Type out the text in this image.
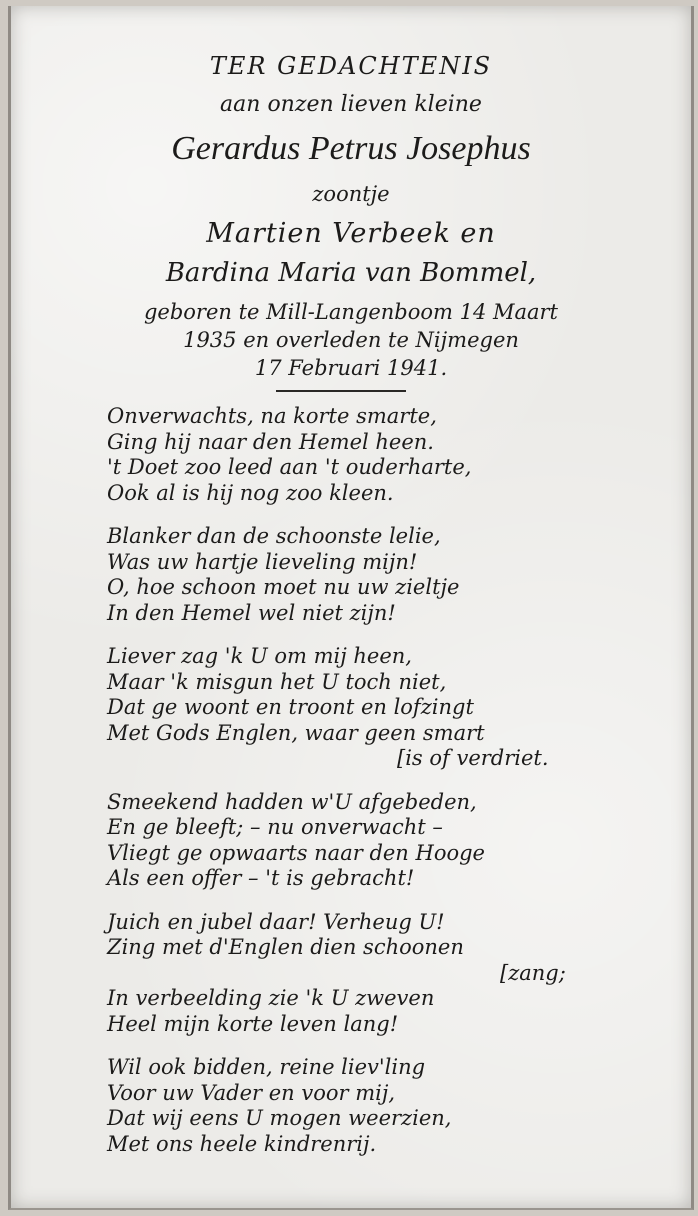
TER GEDACHTENIS
aan onzen lieven kleine
Gerardus Petrus Josephus
zoontje
Martien Verbeek en
Bardina Maria van Bommel,
geboren te Mill-Langenboom 14 Maart
1935 en overleden te Nijmegen
17 Februari 1941.
Onverwachts, na korte smarte,
Ging hij naar den Hemel heen.
't Doet zoo leed aan 't ouderharte,
Ook al is hij nog zoo kleen.
Blanker dan de schoonste lelie,
Was uw hartje lieveling mijn!
O, hoe schoon moet nu uw zieltje
In den Hemel wel niet zijn!
Liever zag 'k U om mij heen,
Maar 'k misgun het U toch niet,
Dat ge woont en troont en lofzingt
Met Gods Englen, waar geen smart
[is of verdriet.
Smeekend hadden w'U afgebeden,
En ge bleeft; – nu onverwacht –
Vliegt ge opwaarts naar den Hooge
Als een offer – 't is gebracht!
Juich en jubel daar! Verheug U!
Zing met d'Englen dien schoonen
[zang;
In verbeelding zie 'k U zweven
Heel mijn korte leven lang!
Wil ook bidden, reine liev'ling
Voor uw Vader en voor mij,
Dat wij eens U mogen weerzien,
Met ons heele kindrenrij.
